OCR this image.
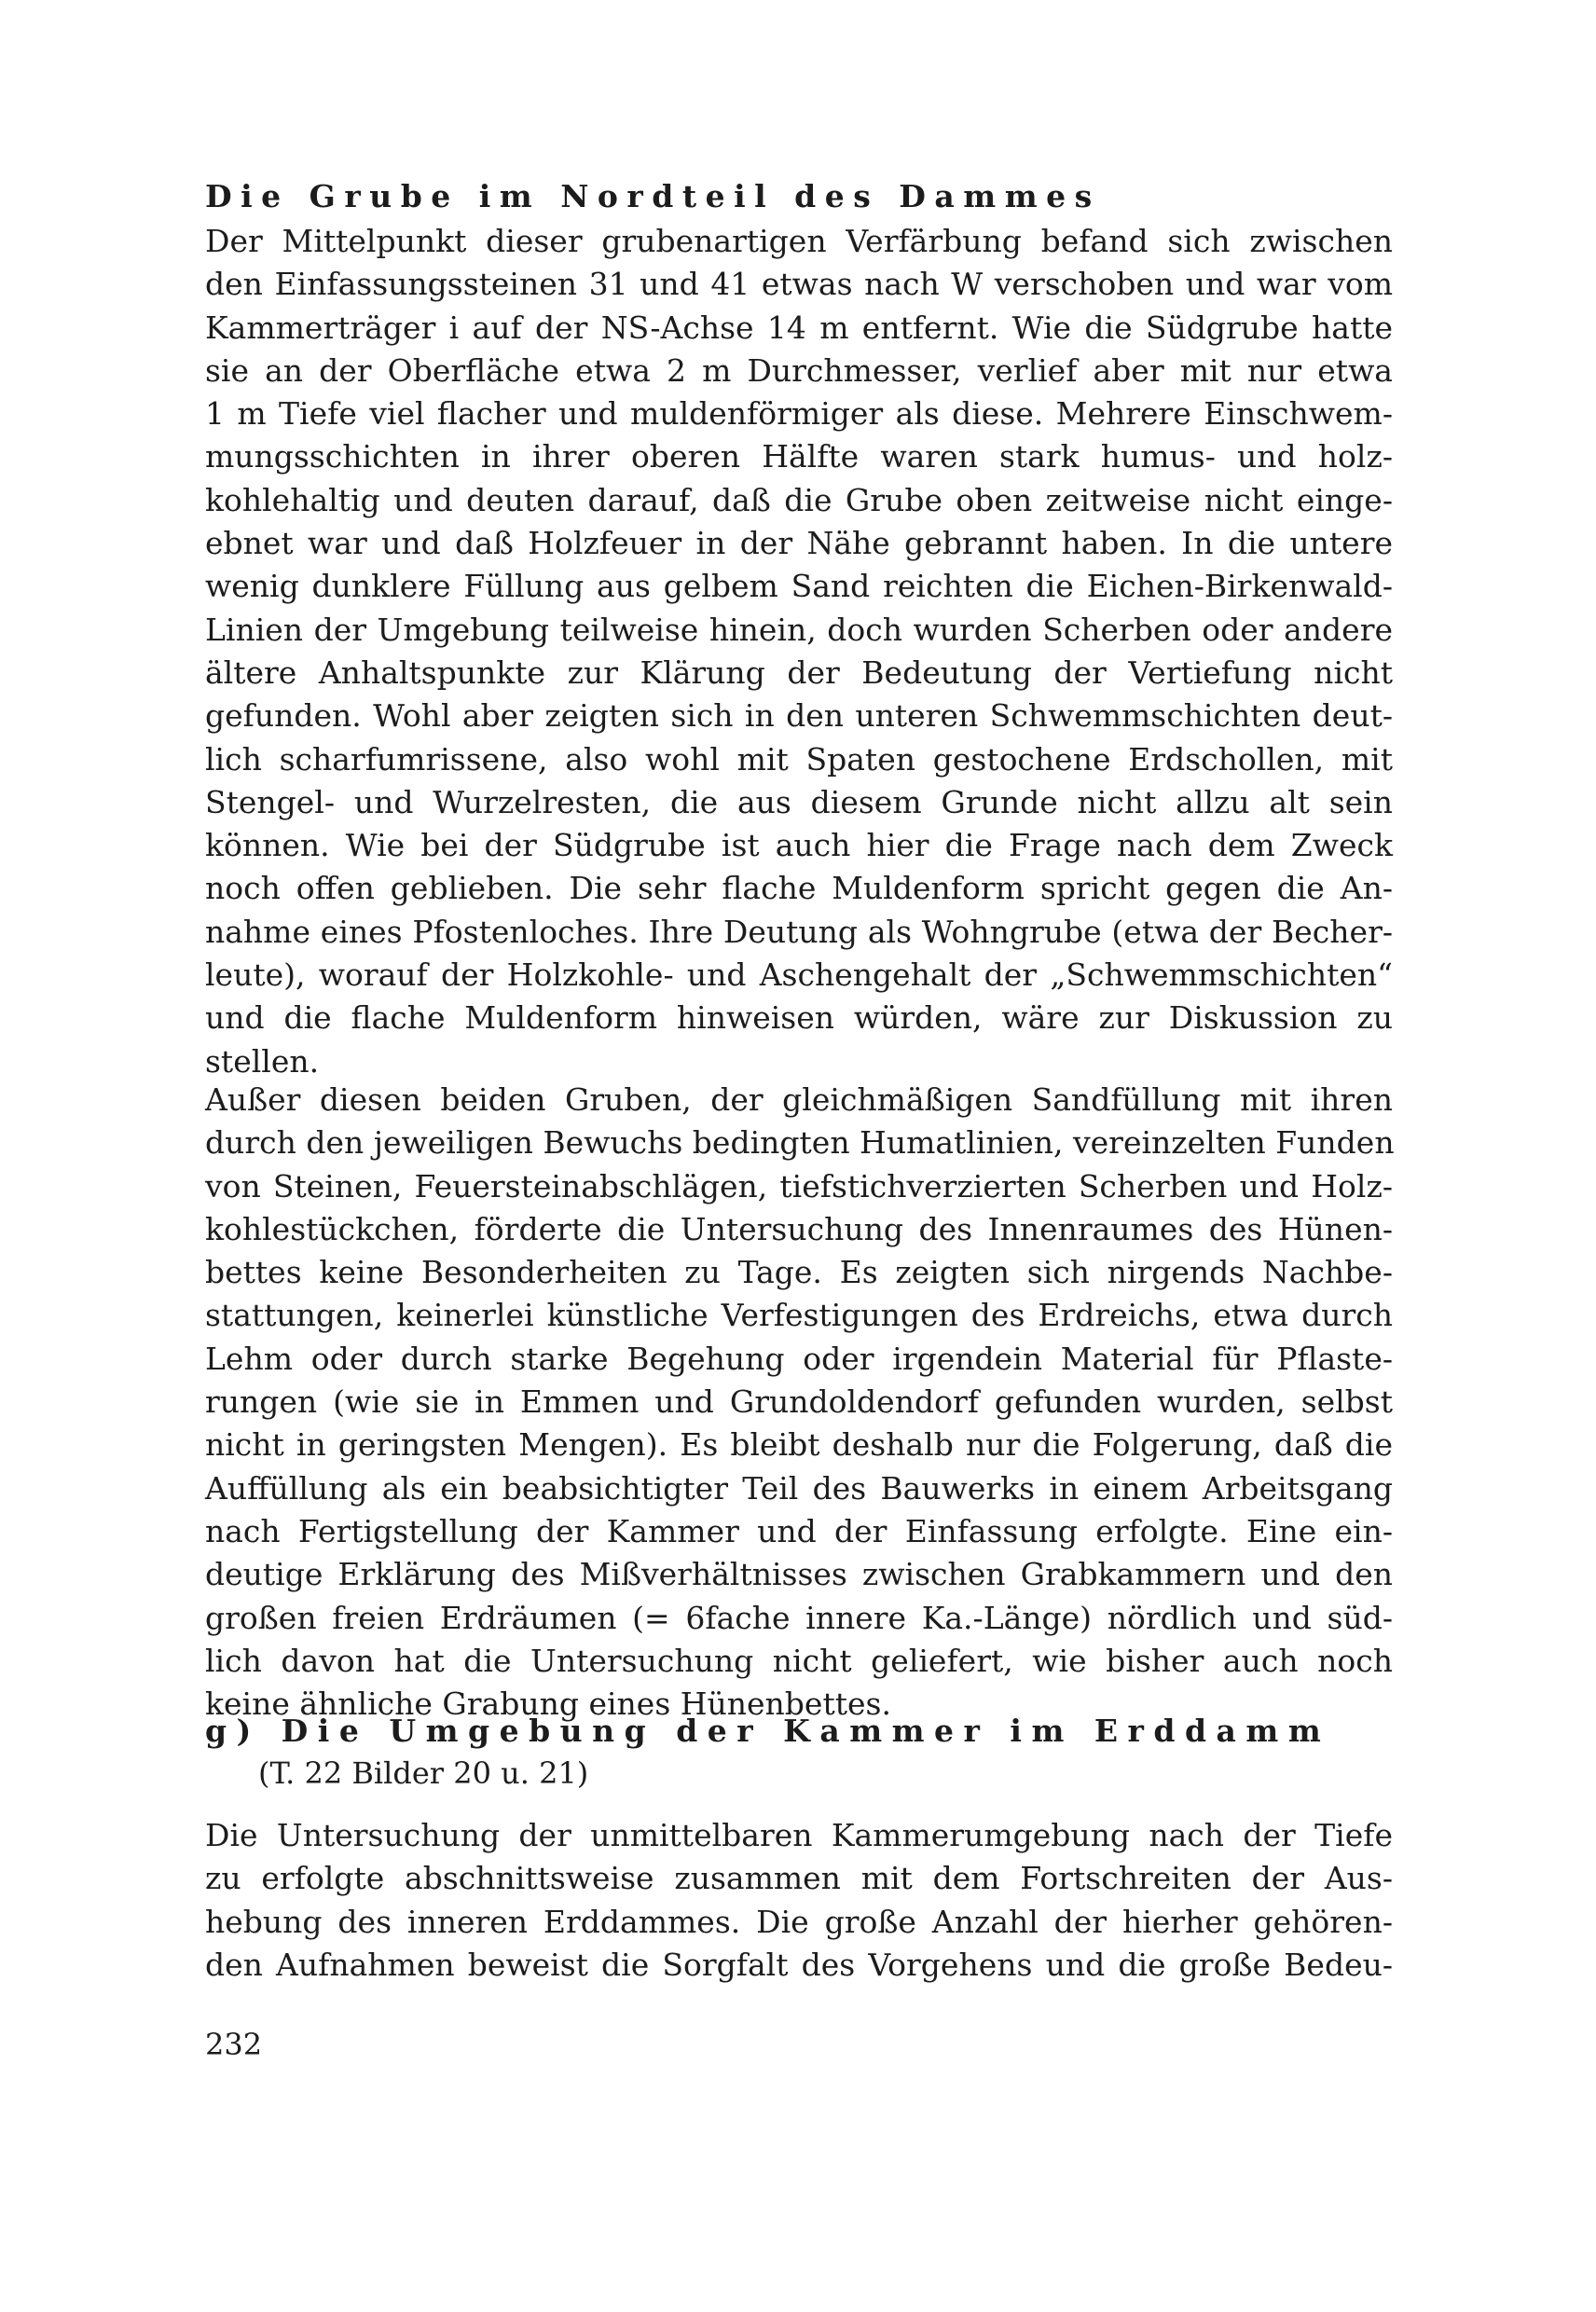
Die Grube im Nordteil des Dammes
Der Mittelpunkt dieser grubenartigen Verfärbung befand sich zwischen
den Einfassungssteinen 31 und 41 etwas nach W verschoben und war vom
Kammerträger i auf der NS-Achse 14 m entfernt. Wie die Südgrube hatte
sie an der Oberfläche etwa 2 m Durchmesser, verlief aber mit nur etwa
1 m Tiefe viel flacher und muldenförmiger als diese. Mehrere Einschwem-
mungsschichten in ihrer oberen Hälfte waren stark humus- und holz-
kohlehaltig und deuten darauf, daß die Grube oben zeitweise nicht einge-
ebnet war und daß Holzfeuer in der Nähe gebrannt haben. In die untere
wenig dunklere Füllung aus gelbem Sand reichten die Eichen-Birkenwald-
Linien der Umgebung teilweise hinein, doch wurden Scherben oder andere
ältere Anhaltspunkte zur Klärung der Bedeutung der Vertiefung nicht
gefunden. Wohl aber zeigten sich in den unteren Schwemmschichten deut-
lich scharfumrissene, also wohl mit Spaten gestochene Erdschollen, mit
Stengel- und Wurzelresten, die aus diesem Grunde nicht allzu alt sein
können. Wie bei der Südgrube ist auch hier die Frage nach dem Zweck
noch offen geblieben. Die sehr flache Muldenform spricht gegen die An-
nahme eines Pfostenloches. Ihre Deutung als Wohngrube (etwa der Becher-
leute), worauf der Holzkohle- und Aschengehalt der „Schwemmschichten“
und die flache Muldenform hinweisen würden, wäre zur Diskussion zu
stellen.
Außer diesen beiden Gruben, der gleichmäßigen Sandfüllung mit ihren
durch den jeweiligen Bewuchs bedingten Humatlinien, vereinzelten Funden
von Steinen, Feuersteinabschlägen, tiefstichverzierten Scherben und Holz-
kohlestückchen, förderte die Untersuchung des Innenraumes des Hünen-
bettes keine Besonderheiten zu Tage. Es zeigten sich nirgends Nachbe-
stattungen, keinerlei künstliche Verfestigungen des Erdreichs, etwa durch
Lehm oder durch starke Begehung oder irgendein Material für Pflaste-
rungen (wie sie in Emmen und Grundoldendorf gefunden wurden, selbst
nicht in geringsten Mengen). Es bleibt deshalb nur die Folgerung, daß die
Auffüllung als ein beabsichtigter Teil des Bauwerks in einem Arbeitsgang
nach Fertigstellung der Kammer und der Einfassung erfolgte. Eine ein-
deutige Erklärung des Mißverhältnisses zwischen Grabkammern und den
großen freien Erdräumen (= 6fache innere Ka.-Länge) nördlich und süd-
lich davon hat die Untersuchung nicht geliefert, wie bisher auch noch
keine ähnliche Grabung eines Hünenbettes.
g) Die Umgebung der Kammer im Erddamm
(T. 22 Bilder 20 u. 21)
Die Untersuchung der unmittelbaren Kammerumgebung nach der Tiefe
zu erfolgte abschnittsweise zusammen mit dem Fortschreiten der Aus-
hebung des inneren Erddammes. Die große Anzahl der hierher gehören-
den Aufnahmen beweist die Sorgfalt des Vorgehens und die große Bedeu-
232
